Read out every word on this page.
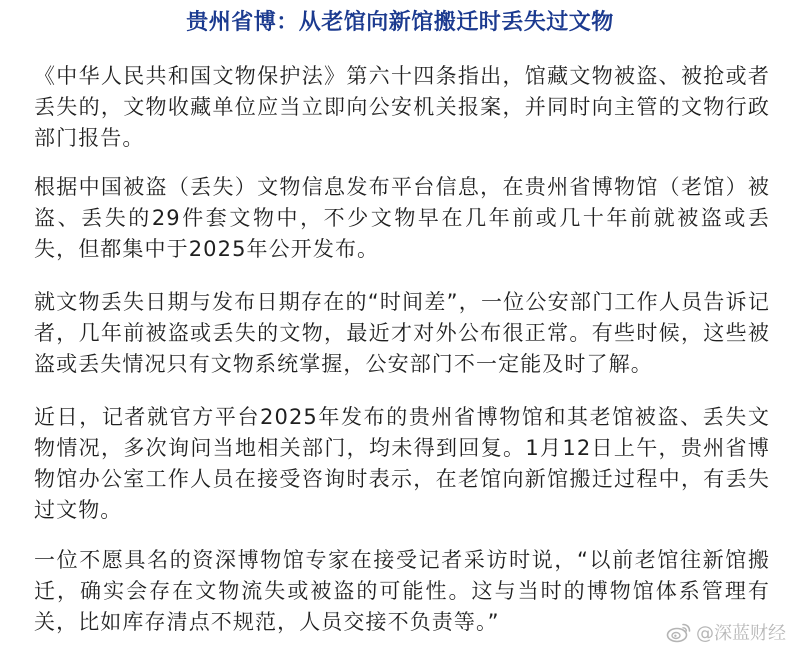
贵州省博：从老馆向新馆搬迁时丢失过文物

《中华人民共和国文物保护法》第六十四条指出，馆藏文物被盗、被抢或者丢失的，文物收藏单位应当立即向公安机关报案，并同时向主管的文物行政部门报告。

根据中国被盗（丢失）文物信息发布平台信息，在贵州省博物馆（老馆）被盗、丢失的29件套文物中，不少文物早在几年前或几十年前就被盗或丢失，但都集中于2025年公开发布。

就文物丢失日期与发布日期存在的“时间差”，一位公安部门工作人员告诉记者，几年前被盗或丢失的文物，最近才对外公布很正常。有些时候，这些被盗或丢失情况只有文物系统掌握，公安部门不一定能及时了解。

近日，记者就官方平台2025年发布的贵州省博物馆和其老馆被盗、丢失文物情况，多次询问当地相关部门，均未得到回复。1月12日上午，贵州省博物馆办公室工作人员在接受咨询时表示，在老馆向新馆搬迁过程中，有丢失过文物。

一位不愿具名的资深博物馆专家在接受记者采访时说，“以前老馆往新馆搬迁，确实会存在文物流失或被盗的可能性。这与当时的博物馆体系管理有关，比如库存清点不规范，人员交接不负责等。”	@深蓝财经
